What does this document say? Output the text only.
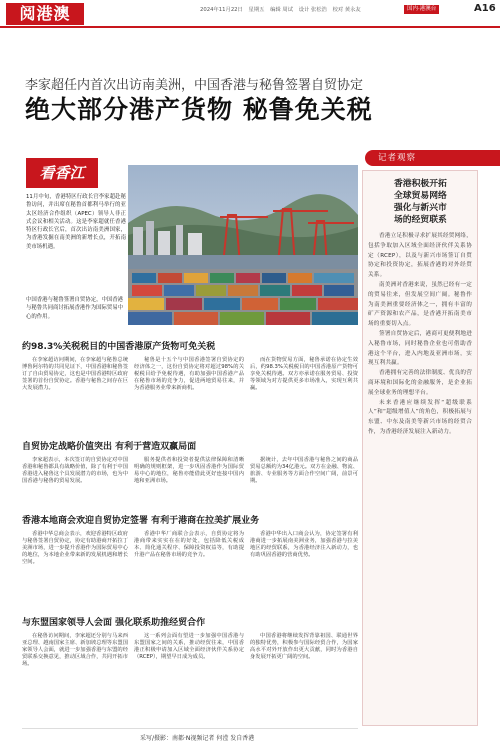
阅港澳	2024年11月22日 星期五 编辑 周试 设计 张松浩 校对 黄永友	国内·港澳台	A16
李家超任内首次出访南美洲，中国香港与秘鲁签署自贸协定
绝大部分港产货物 秘鲁免关税
记者观察
看香江
11月中旬，香港特区行政长官李家超赴秘鲁访问，并出席在秘鲁首都利马举行的亚太区经济合作组织（APEC）领导人非正式会议和相关活动。这是李家超就任香港特区行政长官后，首次出访南美洲国家，为香港发掘在南美洲的新增长点，开拓南美市场机遇。
中国香港与秘鲁签署自贸协定，中国香港与秘鲁共同商讨拓展香港作为国际贸易中心的作用。
香港积极开拓
全球贸易网络
强化与新兴市
场的经贸联系

香港立足积极寻求扩展其经贸网络，包括争取加入区域全面经济伙伴关系协定（RCEP），以及与新兴市场签订自贸协定和投资协定，拓展香港的对外经贸关系。

南美洲对香港来说，虽然已经有一定的贸易往来，但发展空间广阔。秘鲁作为南美洲重要经济体之一，拥有丰富的矿产资源和农产品，是香港开拓南美市场的重要切入点。

签署自贸协定后，港商可更便利地进入秘鲁市场，同时秘鲁企业也可借助香港这个平台，进入内地及亚洲市场，实现互利共赢。

香港拥有完善的法律制度、优良的营商环境和国际化的金融服务，是企业拓展全球业务的理想平台。

未来香港应继续发挥“超级联系人”和“超级增值人”的角色，积极拓展与东盟、中东及南美等新兴市场的经贸合作，为香港经济发展注入新动力。

约98.3%关税税目的中国香港原产货物可免关税

在李家超访问期间，在李家超与秘鲁总统博鲁阿尔特的共同见证下，中国香港和秘鲁签订了自由贸易协定，这也是中国香港特区政府签署的首份自贸协定。香港与秘鲁之间存在巨大发展潜力。

秘鲁是十五个与中国香港签署自贸协定的经济体之一，这份自贸协定将对超过98%的关税税目给予免税待遇，有助加强中国香港产品在秘鲁市场的竞争力，促进两地贸易往来，并为香港服务业带来新商机。

而在货物贸易方面，秘鲁承诺在协定生效后，约98.3%关税税目的中国香港原产货物可享免关税待遇。双方亦承诺在服务贸易、投资等领域为对方提供更多市场准入，实现互利共赢。

自贸协定战略价值突出 有利于营造双赢局面

李家超表示，本次签订的自贸协定对中国香港和秘鲁都具有战略价值，除了有利于中国香港进入秘鲁这个具发展潜力的市场，也为中国香港与秘鲁的贸易发展。

服务提供者和投资者提供法律保障和清晰明确的规则框架，进一步巩固香港作为国际贸易中心的地位，秘鲁亦能借此更好连接中国内地和亚洲市场。

据统计，去年中国香港与秘鲁之间的商品贸易总额约为34亿港元。双方在金融、物流、旅游、专业服务等方面合作空间广阔，前景可期。

香港本地商会欢迎自贸协定签署 有利于港商在拉美扩展业务

香港中华总商会表示，欢迎香港特区政府与秘鲁签署自贸协定，协定有助港商开拓拉丁美洲市场，进一步提升香港作为国际贸易中心的地位，为本地企业带来新的发展机遇和增长空间。

香港中华厂商联合会表示，自贸协定将为港商带来实实在在的好处，包括降低关税成本、简化通关程序、保障投资权益等，有助提升港产品在秘鲁市场的竞争力。

香港中华出入口商会认为，协定签署有利港商进一步拓展南美洲业务，加强香港与拉美地区的经贸联系，为香港经济注入新动力，也有助巩固香港的营商优势。

与东盟国家领导人会面 强化联系助推经贸合作

在秘鲁访问期间，李家超还分别与马来西亚总理、越南国家主席、新加坡总理等东盟国家领导人会面，就进一步加强香港与东盟的经贸联系交换意见，推动区域合作，共同开拓市场。

这一系列会面有望进一步加强中国香港与东盟国家之间的关系，推动经贸往来，中国香港正积极申请加入区域全面经济伙伴关系协定（RCEP），期望早日成为成员。

中国香港将继续发挥背靠祖国、联通世界的独特优势，积极参与国际经贸合作，为国家高水平对外开放作出更大贡献，同时为香港自身发展开拓更广阔的空间。

采写/摄影：南都·N视频记者 何滢 发自香港
